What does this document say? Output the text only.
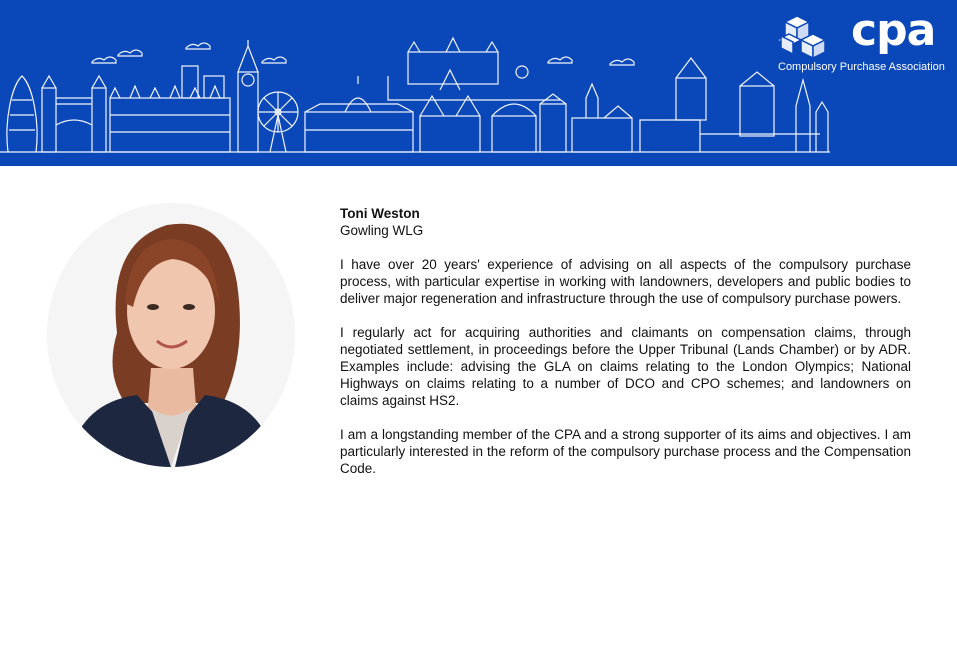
cpa
Compulsory Purchase Association

Toni Weston

Gowling WLG

I have over 20 years' experience of advising on all aspects of the compulsory purchase process, with particular expertise in working with landowners, developers and public bodies to deliver major regeneration and infrastructure through the use of compulsory purchase powers.

I regularly act for acquiring authorities and claimants on compensation claims, through negotiated settlement, in proceedings before the Upper Tribunal (Lands Chamber) or by ADR. Examples include: advising the GLA on claims relating to the London Olympics; National Highways on claims relating to a number of DCO and CPO schemes; and landowners on claims against HS2.

I am a longstanding member of the CPA and a strong supporter of its aims and objectives. I am particularly interested in the reform of the compulsory purchase process and the Compensation Code.
